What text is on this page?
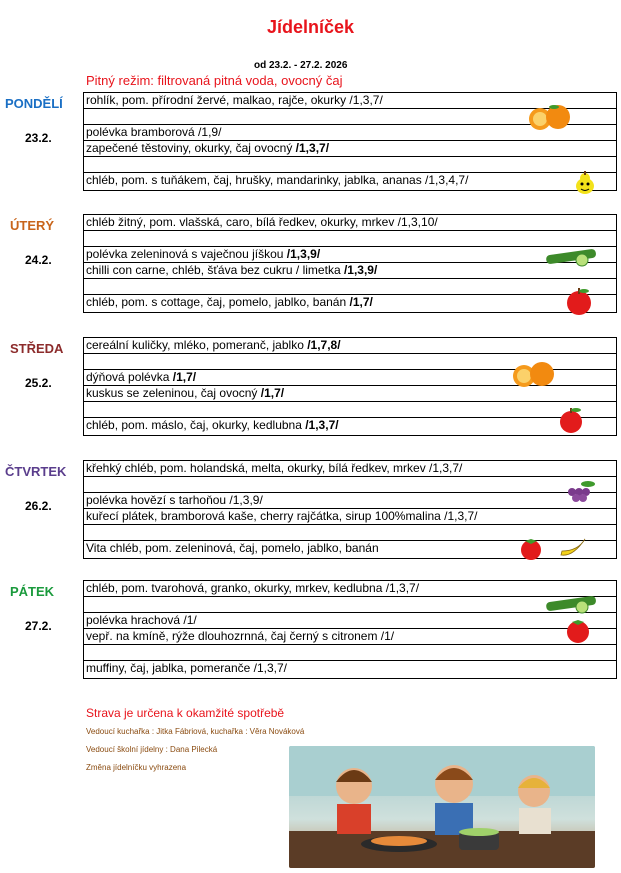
Jídelníček
od 23.2. - 27.2. 2026
Pitný režim: filtrovaná pitná voda, ovocný čaj
PONDĚLÍ
23.2.
rohlík, pom. přírodní žervé, malkao, rajče, okurky /1,3,7/
polévka bramborová /1,9/
zapečené těstoviny, okurky, čaj ovocný /1,3,7/
chléb, pom. s tuňákem, čaj, hrušky, mandarinky, jablka, ananas /1,3,4,7/
ÚTERÝ
24.2.
chléb žitný, pom. vlašská, caro, bílá ředkev, okurky, mrkev /1,3,10/
polévka zeleninová s vaječnou jíškou /1,3,9/
chilli con carne, chléb, šťáva bez cukru / limetka /1,3,9/
chléb, pom. s cottage, čaj, pomelo, jablko, banán /1,7/
STŘEDA
25.2.
cereální kuličky, mléko, pomeranč, jablko /1,7,8/
dýňová polévka /1,7/
kuskus se zeleninou, čaj ovocný /1,7/
chléb, pom. máslo, čaj, okurky, kedlubna /1,3,7/
ČTVRTEK
26.2.
křehký chléb, pom. holandská, melta, okurky, bílá ředkev, mrkev /1,3,7/
polévka hovězí s tarhoňou /1,3,9/
kuřecí plátek, bramborová kaše, cherry rajčátka, sirup 100%malina /1,3,7/
Vita chléb, pom. zeleninová, čaj, pomelo, jablko, banán
PÁTEK
27.2.
chléb, pom. tvarohová, granko, okurky, mrkev, kedlubna /1,3,7/
polévka hrachová /1/
vepř. na kmíně, rýže dlouhozrnná, čaj černý s citronem /1/
muffiny, čaj, jablka, pomeranče /1,3,7/
Strava je určena k okamžité spotřebě
Vedoucí kuchařka : Jitka Fábriová, kuchařka : Věra Nováková
Vedoucí školní jídelny : Dana Pilecká
Změna jídelníčku vyhrazena
